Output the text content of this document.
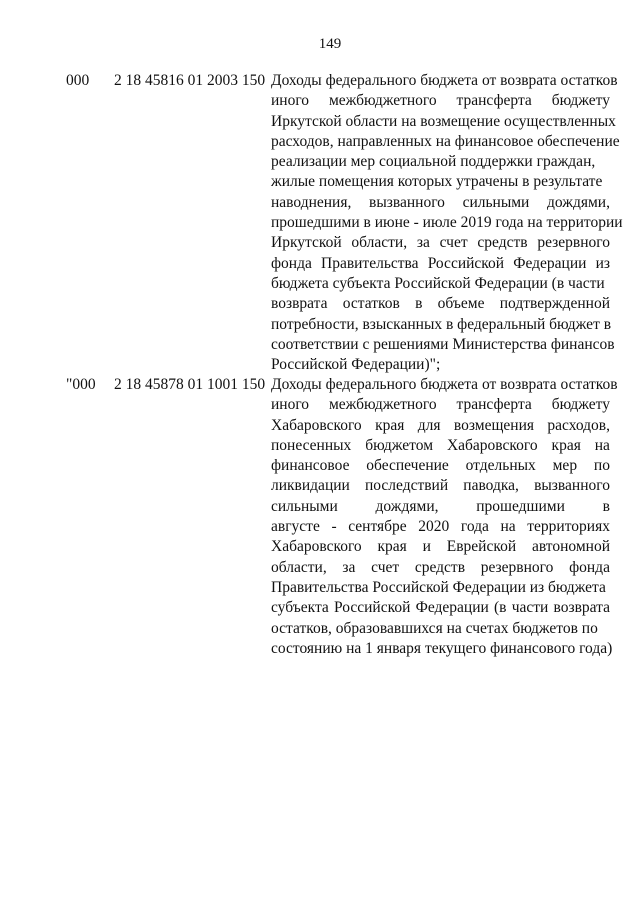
149
000 2 18 45816 01 2003 150 Доходы федерального бюджета от возврата остатков
иного межбюджетного трансферта бюджету
Иркутской области на возмещение осуществленных
расходов, направленных на финансовое обеспечение
реализации мер социальной поддержки граждан,
жилые помещения которых утрачены в результате
наводнения, вызванного сильными дождями,
прошедшими в июне - июле 2019 года на территории
Иркутской области, за счет средств резервного
фонда Правительства Российской Федерации из
бюджета субъекта Российской Федерации (в части
возврата остатков в объеме подтвержденной
потребности, взысканных в федеральный бюджет в
соответствии с решениями Министерства финансов
Российской Федерации)";
"000 2 18 45878 01 1001 150 Доходы федерального бюджета от возврата остатков
иного межбюджетного трансферта бюджету
Хабаровского края для возмещения расходов,
понесенных бюджетом Хабаровского края на
финансовое обеспечение отдельных мер по
ликвидации последствий паводка, вызванного
сильными дождями, прошедшими в
августе - сентябре 2020 года на территориях
Хабаровского края и Еврейской автономной
области, за счет средств резервного фонда
Правительства Российской Федерации из бюджета
субъекта Российской Федерации (в части возврата
остатков, образовавшихся на счетах бюджетов по
состоянию на 1 января текущего финансового года)
